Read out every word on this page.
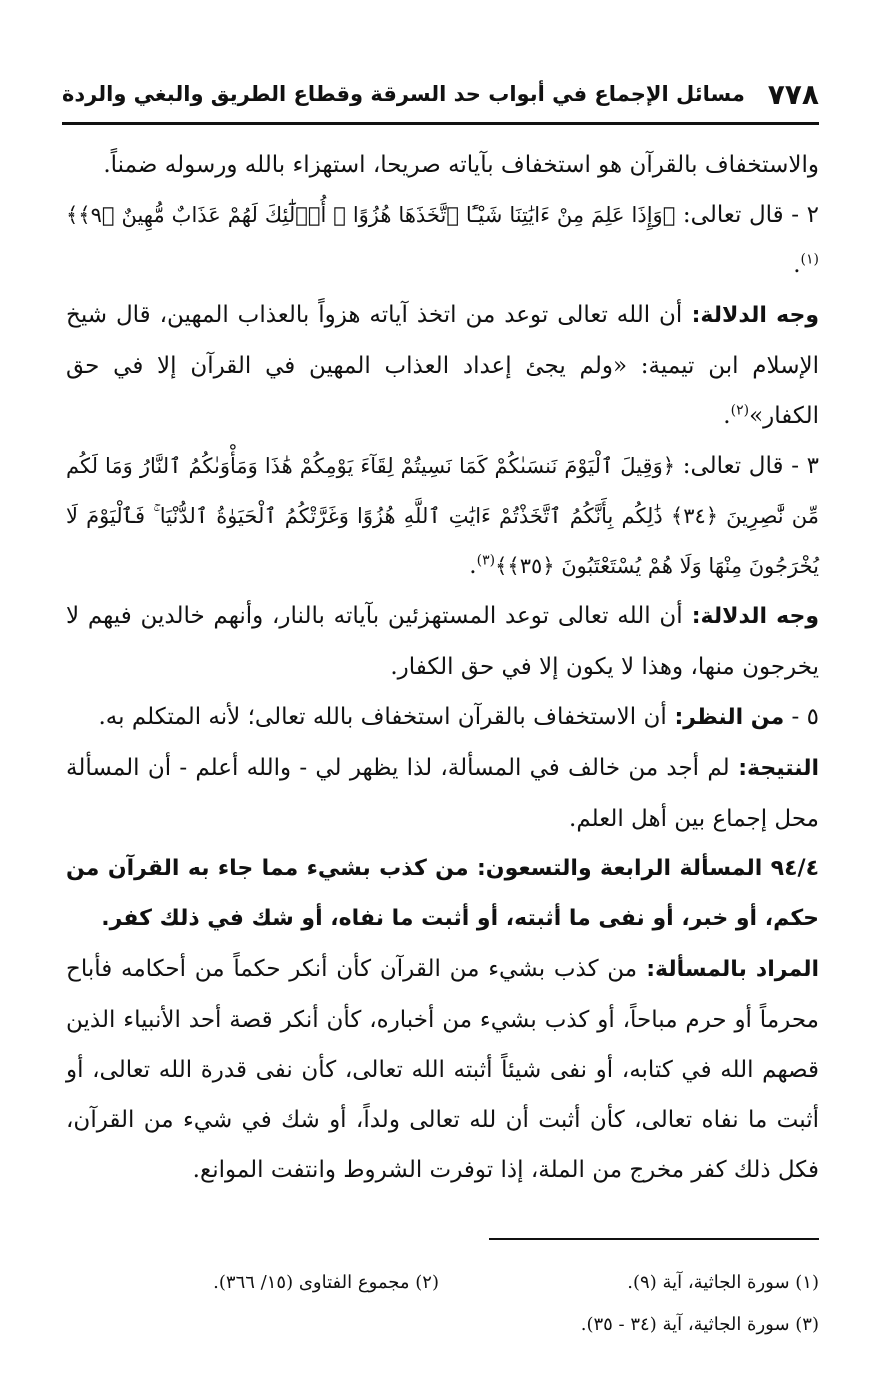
٧٧٨
مسائل الإجماع في أبواب حد السرقة وقطاع الطريق والبغي والردة

والاستخفاف بالقرآن هو استخفاف بآياته صريحا، استهزاء بالله ورسوله ضمناً.

٢ - قال تعالى: ﴿وَإِذَا عَلِمَ مِنْ ءَايَٰتِنَا شَيْـًٔا ٱتَّخَذَهَا هُزُوًا ۚ أُو۟لَٰٓئِكَ لَهُمْ عَذَابٌ مُّهِينٌ ﴿٩﴾﴾$^{(١)}$.

وجه الدلالة: أن الله تعالى توعد من اتخذ آياته هزواً بالعذاب المهين، قال شيخ الإسلام ابن تيمية: «ولم يجئ إعداد العذاب المهين في القرآن إلا في حق الكفار»$^{(٢)}$.

٣ - قال تعالى: ﴿وَقِيلَ ٱلْيَوْمَ نَنسَىٰكُمْ كَمَا نَسِيتُمْ لِقَآءَ يَوْمِكُمْ هَٰذَا وَمَأْوَىٰكُمُ ٱلنَّارُ وَمَا لَكُم مِّن نَّٰصِرِينَ ﴿٣٤﴾ ذَٰلِكُم بِأَنَّكُمُ ٱتَّخَذْتُمْ ءَايَٰتِ ٱللَّهِ هُزُوًا وَغَرَّتْكُمُ ٱلْحَيَوٰةُ ٱلدُّنْيَا ۚ فَٱلْيَوْمَ لَا يُخْرَجُونَ مِنْهَا وَلَا هُمْ يُسْتَعْتَبُونَ ﴿٣٥﴾﴾$^{(٣)}$.

وجه الدلالة: أن الله تعالى توعد المستهزئين بآياته بالنار، وأنهم خالدين فيهم لا يخرجون منها، وهذا لا يكون إلا في حق الكفار.

٥ - من النظر: أن الاستخفاف بالقرآن استخفاف بالله تعالى؛ لأنه المتكلم به.

النتيجة: لم أجد من خالف في المسألة، لذا يظهر لي - والله أعلم - أن المسألة محل إجماع بين أهل العلم.

٩٤/٤ المسألة الرابعة والتسعون: من كذب بشيء مما جاء به القرآن من حكم، أو خبر، أو نفى ما أثبته، أو أثبت ما نفاه، أو شك في ذلك كفر.

المراد بالمسألة: من كذب بشيء من القرآن كأن أنكر حكماً من أحكامه فأباح محرماً أو حرم مباحاً، أو كذب بشيء من أخباره، كأن أنكر قصة أحد الأنبياء الذين قصهم الله في كتابه، أو نفى شيئاً أثبته الله تعالى، كأن نفى قدرة الله تعالى، أو أثبت ما نفاه تعالى، كأن أثبت أن لله تعالى ولداً، أو شك في شيء من القرآن، فكل ذلك كفر مخرج من الملة، إذا توفرت الشروط وانتفت الموانع.

(١) سورة الجاثية، آية (٩).
(٢) مجموع الفتاوى (١٥/ ٣٦٦).
(٣) سورة الجاثية، آية (٣٤ - ٣٥).
